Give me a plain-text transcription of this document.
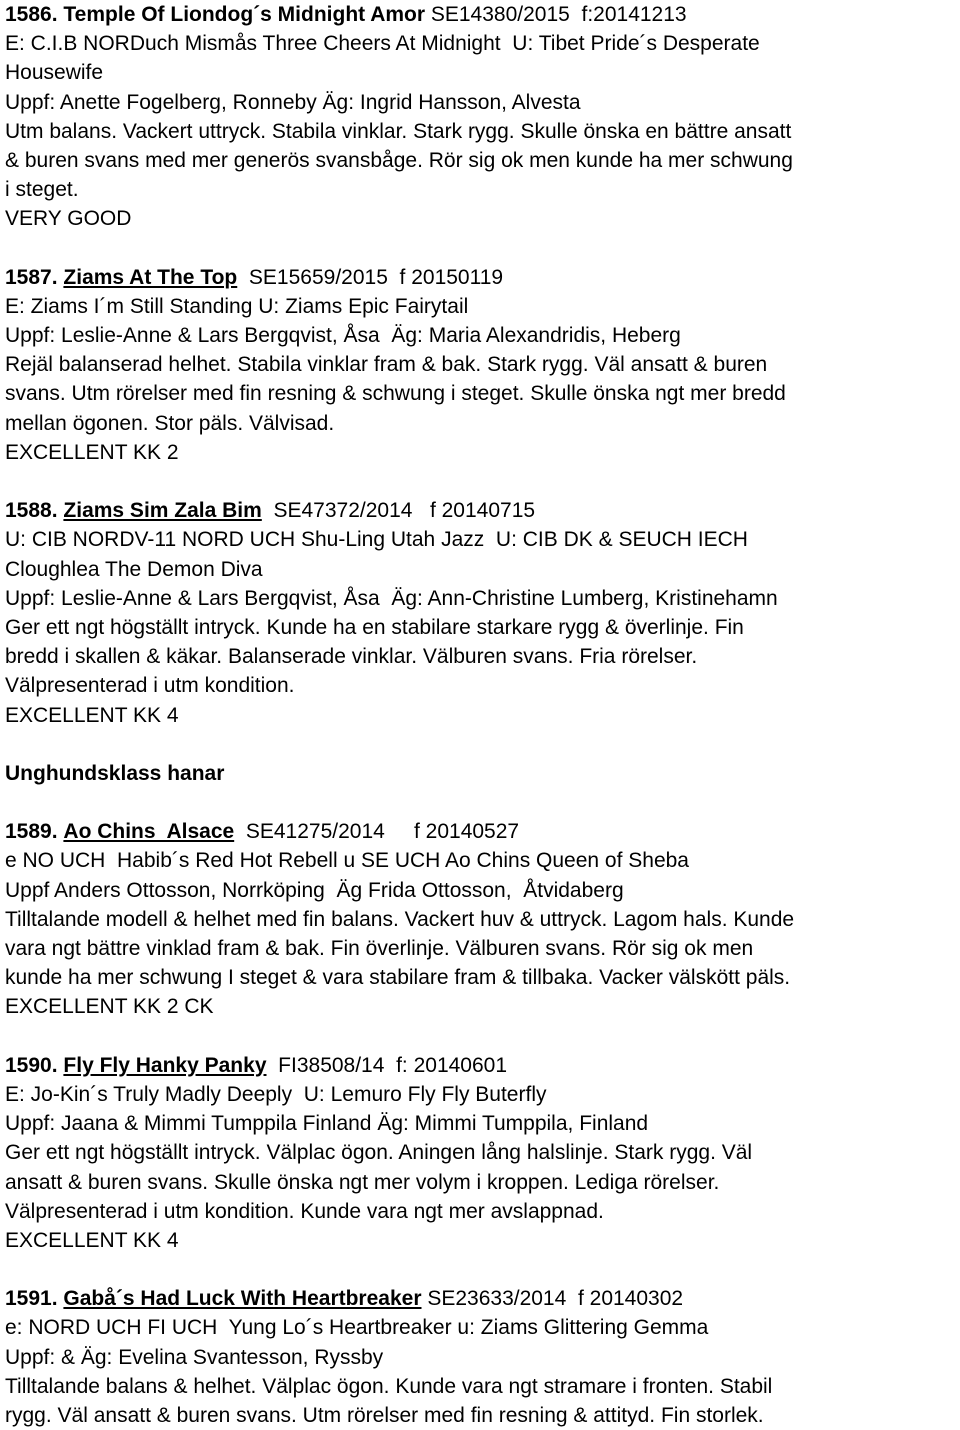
1586. Temple Of Liondog´s Midnight Amor SE14380/2015  f:20141213
E: C.I.B NORDuch Mismås Three Cheers At Midnight  U: Tibet Pride´s Desperate
Housewife
Uppf: Anette Fogelberg, Ronneby Äg: Ingrid Hansson, Alvesta
Utm balans. Vackert uttryck. Stabila vinklar. Stark rygg. Skulle önska en bättre ansatt
& buren svans med mer generös svansbåge. Rör sig ok men kunde ha mer schwung
i steget.
VERY GOOD
1587. Ziams At The Top  SE15659/2015  f 20150119
E: Ziams I´m Still Standing U: Ziams Epic Fairytail
Uppf: Leslie-Anne & Lars Bergqvist, Åsa  Äg: Maria Alexandridis, Heberg
Rejäl balanserad helhet. Stabila vinklar fram & bak. Stark rygg. Väl ansatt & buren
svans. Utm rörelser med fin resning & schwung i steget. Skulle önska ngt mer bredd
mellan ögonen. Stor päls. Välvisad.
EXCELLENT KK 2
1588. Ziams Sim Zala Bim  SE47372/2014   f 20140715
U: CIB NORDV-11 NORD UCH Shu-Ling Utah Jazz  U: CIB DK & SEUCH IECH
Cloughlea The Demon Diva
Uppf: Leslie-Anne & Lars Bergqvist, Åsa  Äg: Ann-Christine Lumberg, Kristinehamn
Ger ett ngt högställt intryck. Kunde ha en stabilare starkare rygg & överlinje. Fin
bredd i skallen & käkar. Balanserade vinklar. Välburen svans. Fria rörelser.
Välpresenterad i utm kondition.
EXCELLENT KK 4
Unghundsklass hanar
1589. Ao Chins  Alsace  SE41275/2014     f 20140527
e NO UCH  Habib´s Red Hot Rebell u SE UCH Ao Chins Queen of Sheba
Uppf Anders Ottosson, Norrköping  Äg Frida Ottosson,  Åtvidaberg
Tilltalande modell & helhet med fin balans. Vackert huv & uttryck. Lagom hals. Kunde
vara ngt bättre vinklad fram & bak. Fin överlinje. Välburen svans. Rör sig ok men
kunde ha mer schwung I steget & vara stabilare fram & tillbaka. Vacker välskött päls.
EXCELLENT KK 2 CK
1590. Fly Fly Hanky Panky  FI38508/14  f: 20140601
E: Jo-Kin´s Truly Madly Deeply  U: Lemuro Fly Fly Buterfly
Uppf: Jaana & Mimmi Tumppila Finland Äg: Mimmi Tumppila, Finland
Ger ett ngt högställt intryck. Välplac ögon. Aningen lång halslinje. Stark rygg. Väl
ansatt & buren svans. Skulle önska ngt mer volym i kroppen. Lediga rörelser.
Välpresenterad i utm kondition. Kunde vara ngt mer avslappnad.
EXCELLENT KK 4
1591. Gabå´s Had Luck With Heartbreaker SE23633/2014  f 20140302
e: NORD UCH FI UCH  Yung Lo´s Heartbreaker u: Ziams Glittering Gemma
Uppf: & Äg: Evelina Svantesson, Ryssby
Tilltalande balans & helhet. Välplac ögon. Kunde vara ngt stramare i fronten. Stabil
rygg. Väl ansatt & buren svans. Utm rörelser med fin resning & attityd. Fin storlek.
